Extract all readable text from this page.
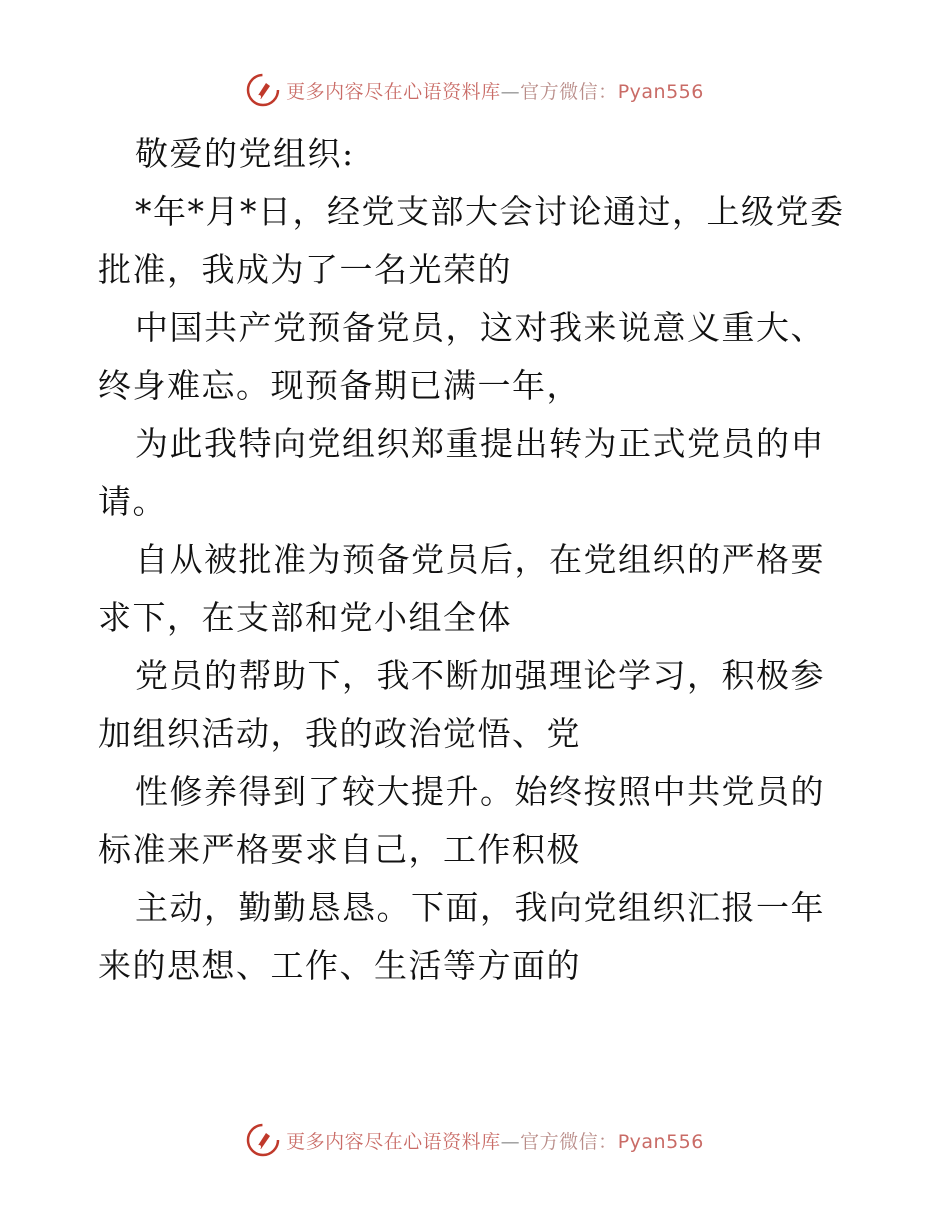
更多内容尽在心语资料库—官方微信：Pyan556

敬爱的党组织:

*年*月*日，经党支部大会讨论通过，上级党委批准，我成为了一名光荣的

中国共产党预备党员，这对我来说意义重大、终身难忘。现预备期已满一年，

为此我特向党组织郑重提出转为正式党员的申请。

自从被批准为预备党员后，在党组织的严格要求下，在支部和党小组全体

党员的帮助下，我不断加强理论学习，积极参加组织活动，我的政治觉悟、党

性修养得到了较大提升。始终按照中共党员的标准来严格要求自己，工作积极

主动，勤勤恳恳。下面，我向党组织汇报一年来的思想、工作、生活等方面的

更多内容尽在心语资料库—官方微信：Pyan556
